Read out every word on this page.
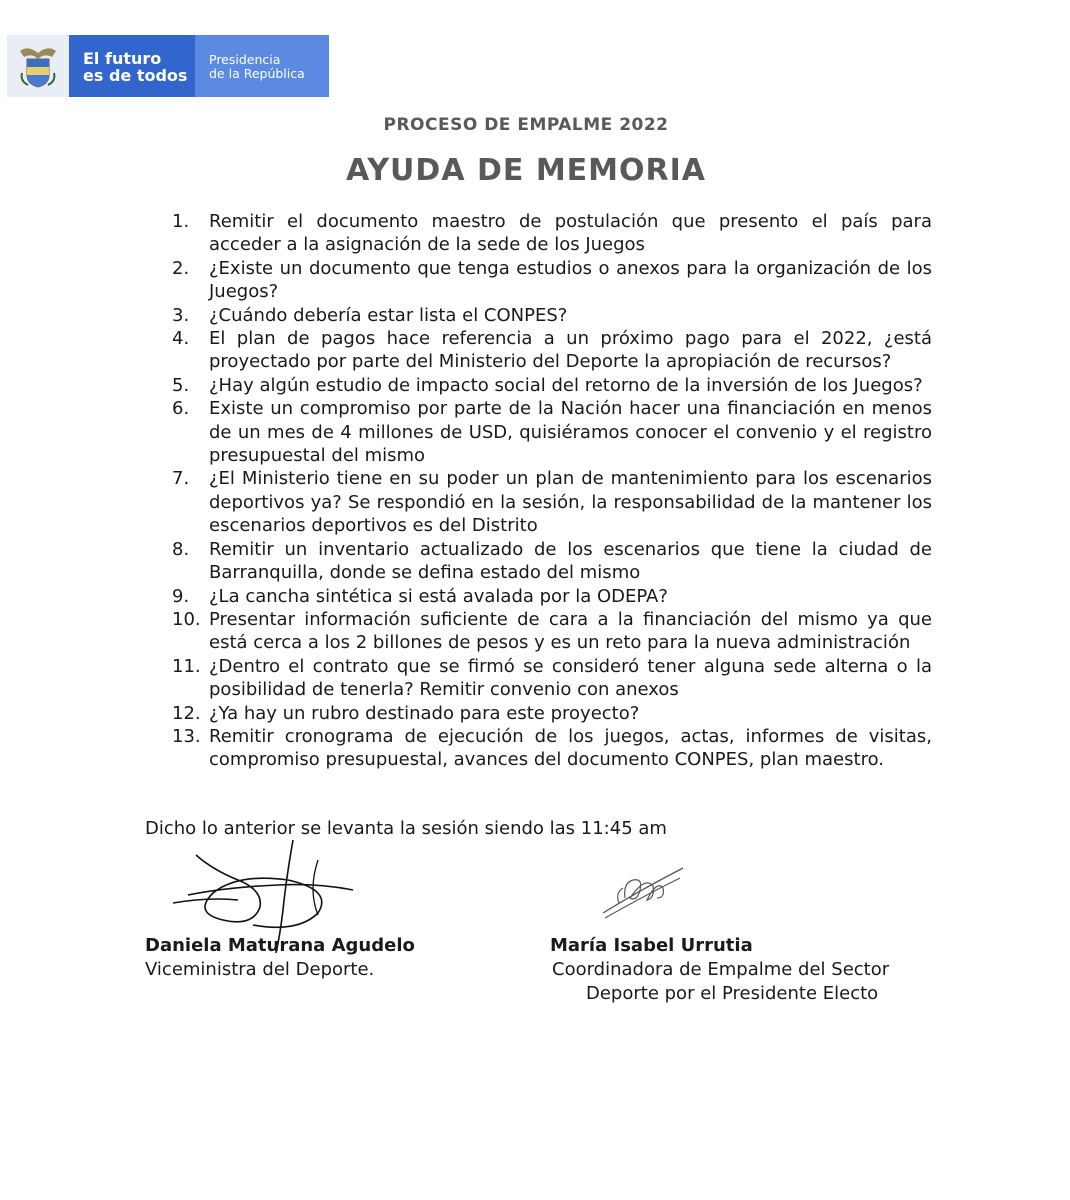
El futuro
es de todos
Presidencia
de la República
PROCESO DE EMPALME 2022
AYUDA DE MEMORIA
1.	Remitir el documento maestro de postulación que presento el país para acceder a la asignación de la sede de los Juegos
2.	¿Existe un documento que tenga estudios o anexos para la organización de los Juegos?
3.	¿Cuándo debería estar lista el CONPES?
4.	El plan de pagos hace referencia a un próximo pago para el 2022, ¿está proyectado por parte del Ministerio del Deporte la apropiación de recursos?
5.	¿Hay algún estudio de impacto social del retorno de la inversión de los Juegos?
6.	Existe un compromiso por parte de la Nación hacer una financiación en menos de un mes de 4 millones de USD, quisiéramos conocer el convenio y el registro presupuestal del mismo
7.	¿El Ministerio tiene en su poder un plan de mantenimiento para los escenarios deportivos ya? Se respondió en la sesión, la responsabilidad de la mantener los escenarios deportivos es del Distrito
8.	Remitir un inventario actualizado de los escenarios que tiene la ciudad de Barranquilla, donde se defina estado del mismo
9.	¿La cancha sintética si está avalada por la ODEPA?
10. Presentar información suficiente de cara a la financiación del mismo ya que está cerca a los 2 billones de pesos y es un reto para la nueva administración
11. ¿Dentro el contrato que se firmó se consideró tener alguna sede alterna o la posibilidad de tenerla? Remitir convenio con anexos
12. ¿Ya hay un rubro destinado para este proyecto?
13. Remitir cronograma de ejecución de los juegos, actas, informes de visitas, compromiso presupuestal, avances del documento CONPES, plan maestro.
Dicho lo anterior se levanta la sesión siendo las 11:45 am
Daniela Maturana Agudelo
Viceministra del Deporte.
María Isabel Urrutia
Coordinadora de Empalme del Sector
Deporte por el Presidente Electo
